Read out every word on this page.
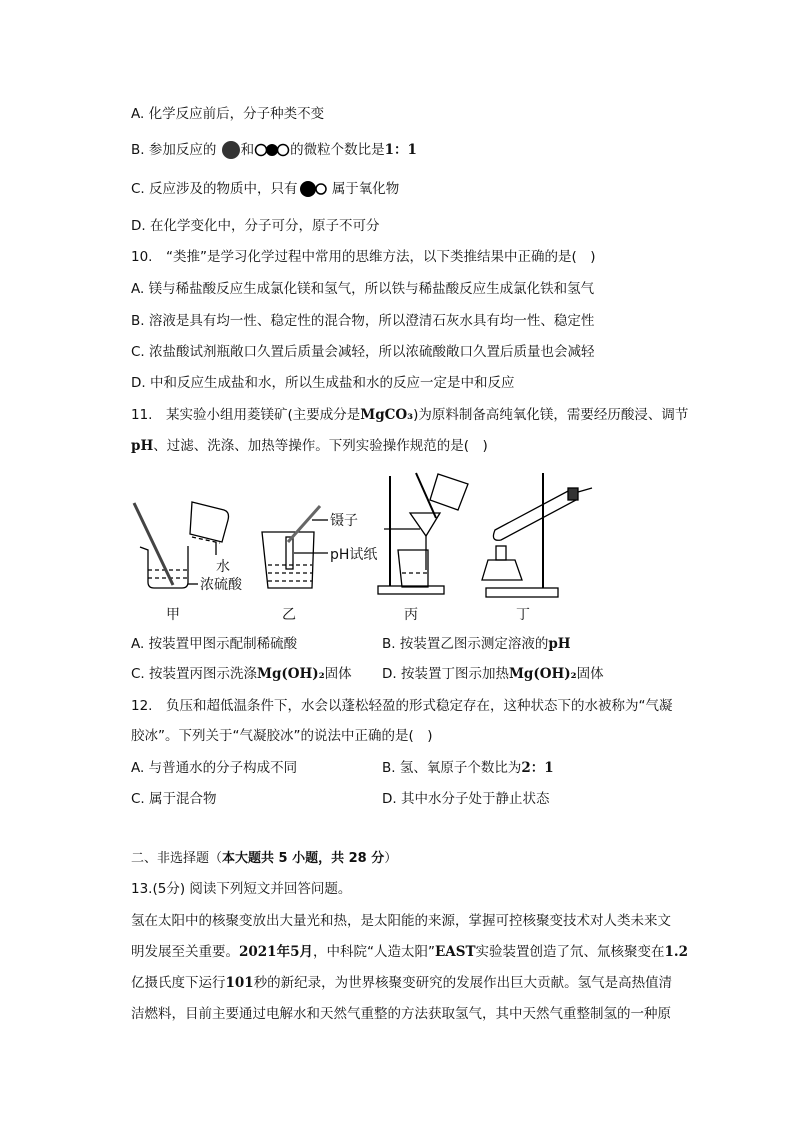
A. 化学反应前后，分子种类不变
B. 参加反应的 和	的微粒个数比是1：1
C. 反应涉及的物质中，只有	属于氧化物
D. 在化学变化中，分子可分，原子不可分
10.　“类推”是学习化学过程中常用的思维方法，以下类推结果中正确的是(　)
A. 镁与稀盐酸反应生成氯化镁和氢气，所以铁与稀盐酸反应生成氯化铁和氢气
B. 溶液是具有均一性、稳定性的混合物，所以澄清石灰水具有均一性、稳定性
C. 浓盐酸试剂瓶敞口久置后质量会减轻，所以浓硫酸敞口久置后质量也会减轻
D. 中和反应生成盐和水，所以生成盐和水的反应一定是中和反应
11.　某实验小组用菱镁矿(主要成分是MgCO₃)为原料制备高纯氧化镁，需要经历酸浸、调节
pH、过滤、洗涤、加热等操作。下列实验操作规范的是(　)
水
浓硫酸
镊子
pH试纸
甲	乙	丙	丁
A. 按装置甲图示配制稀硫酸	B. 按装置乙图示测定溶液的pH
C. 按装置丙图示洗涤Mg(OH)₂固体 D. 按装置丁图示加热Mg(OH)₂固体
12.　负压和超低温条件下，水会以蓬松轻盈的形式稳定存在，这种状态下的水被称为“气凝
胶冰”。下列关于“气凝胶冰”的说法中正确的是(　)
A. 与普通水的分子构成不同	B. 氢、氧原子个数比为2：1
C. 属于混合物	D. 其中水分子处于静止状态
二、非选择题（本大题共 5 小题，共 28 分）
13.(5分) 阅读下列短文并回答问题。
氢在太阳中的核聚变放出大量光和热，是太阳能的来源，掌握可控核聚变技术对人类未来文
明发展至关重要。2021年5月，中科院“人造太阳”EAST实验装置创造了氘、氚核聚变在1.2
亿摄氏度下运行101秒的新纪录，为世界核聚变研究的发展作出巨大贡献。氢气是高热值清
洁燃料，目前主要通过电解水和天然气重整的方法获取氢气，其中天然气重整制氢的一种原
